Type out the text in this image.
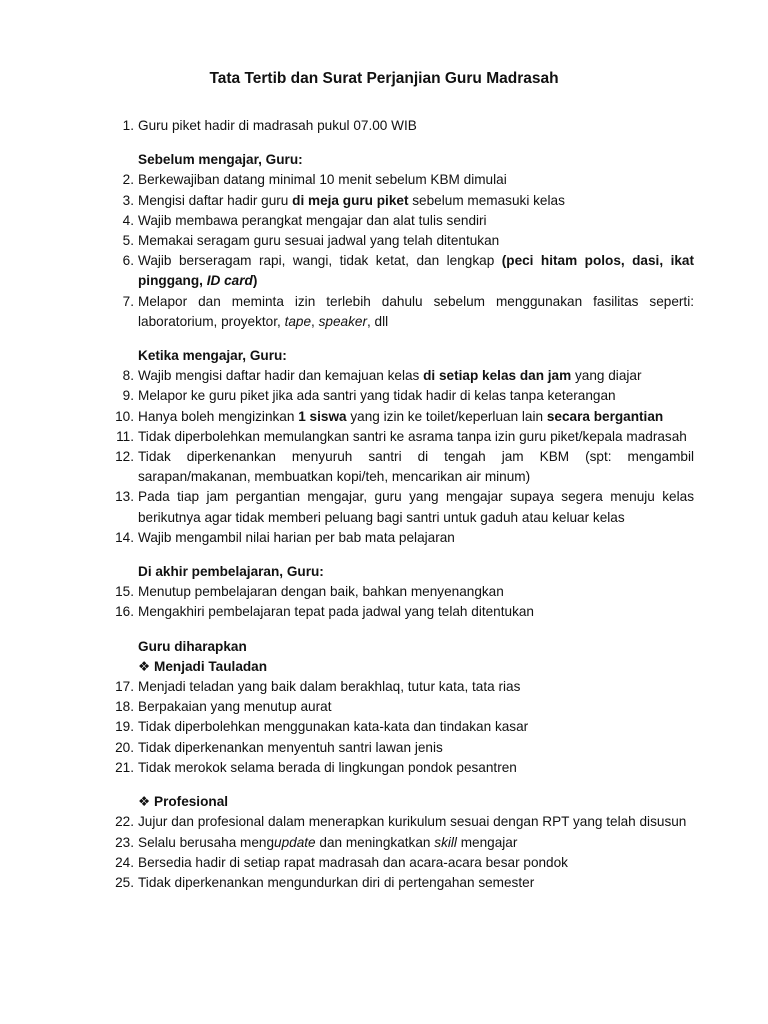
Tata Tertib dan Surat Perjanjian Guru Madrasah
1. Guru piket hadir di madrasah pukul 07.00 WIB
Sebelum mengajar, Guru:
2. Berkewajiban datang minimal 10 menit sebelum KBM dimulai
3. Mengisi daftar hadir guru di meja guru piket sebelum memasuki kelas
4. Wajib membawa perangkat mengajar dan alat tulis sendiri
5. Memakai seragam guru sesuai jadwal yang telah ditentukan
6. Wajib berseragam rapi, wangi, tidak ketat, dan lengkap (peci hitam polos, dasi, ikat pinggang, ID card)
7. Melapor dan meminta izin terlebih dahulu sebelum menggunakan fasilitas seperti: laboratorium, proyektor, tape, speaker, dll
Ketika mengajar, Guru:
8. Wajib mengisi daftar hadir dan kemajuan kelas di setiap kelas dan jam yang diajar
9. Melapor ke guru piket jika ada santri yang tidak hadir di kelas tanpa keterangan
10. Hanya boleh mengizinkan 1 siswa yang izin ke toilet/keperluan lain secara bergantian
11. Tidak diperbolehkan memulangkan santri ke asrama tanpa izin guru piket/kepala madrasah
12. Tidak diperkenankan menyuruh santri di tengah jam KBM (spt: mengambil sarapan/makanan, membuatkan kopi/teh, mencarikan air minum)
13. Pada tiap jam pergantian mengajar, guru yang mengajar supaya segera menuju kelas berikutnya agar tidak memberi peluang bagi santri untuk gaduh atau keluar kelas
14. Wajib mengambil nilai harian per bab mata pelajaran
Di akhir pembelajaran, Guru:
15. Menutup pembelajaran dengan baik, bahkan menyenangkan
16. Mengakhiri pembelajaran tepat pada jadwal yang telah ditentukan
Guru diharapkan
❖ Menjadi Tauladan
17. Menjadi teladan yang baik dalam berakhlaq, tutur kata, tata rias
18. Berpakaian yang menutup aurat
19. Tidak diperbolehkan menggunakan kata-kata dan tindakan kasar
20. Tidak diperkenankan menyentuh santri lawan jenis
21. Tidak merokok selama berada di lingkungan pondok pesantren
❖ Profesional
22. Jujur dan profesional dalam menerapkan kurikulum sesuai dengan RPT yang telah disusun
23. Selalu berusaha mengupdate dan meningkatkan skill mengajar
24. Bersedia hadir di setiap rapat madrasah dan acara-acara besar pondok
25. Tidak diperkenankan mengundurkan diri di pertengahan semester
